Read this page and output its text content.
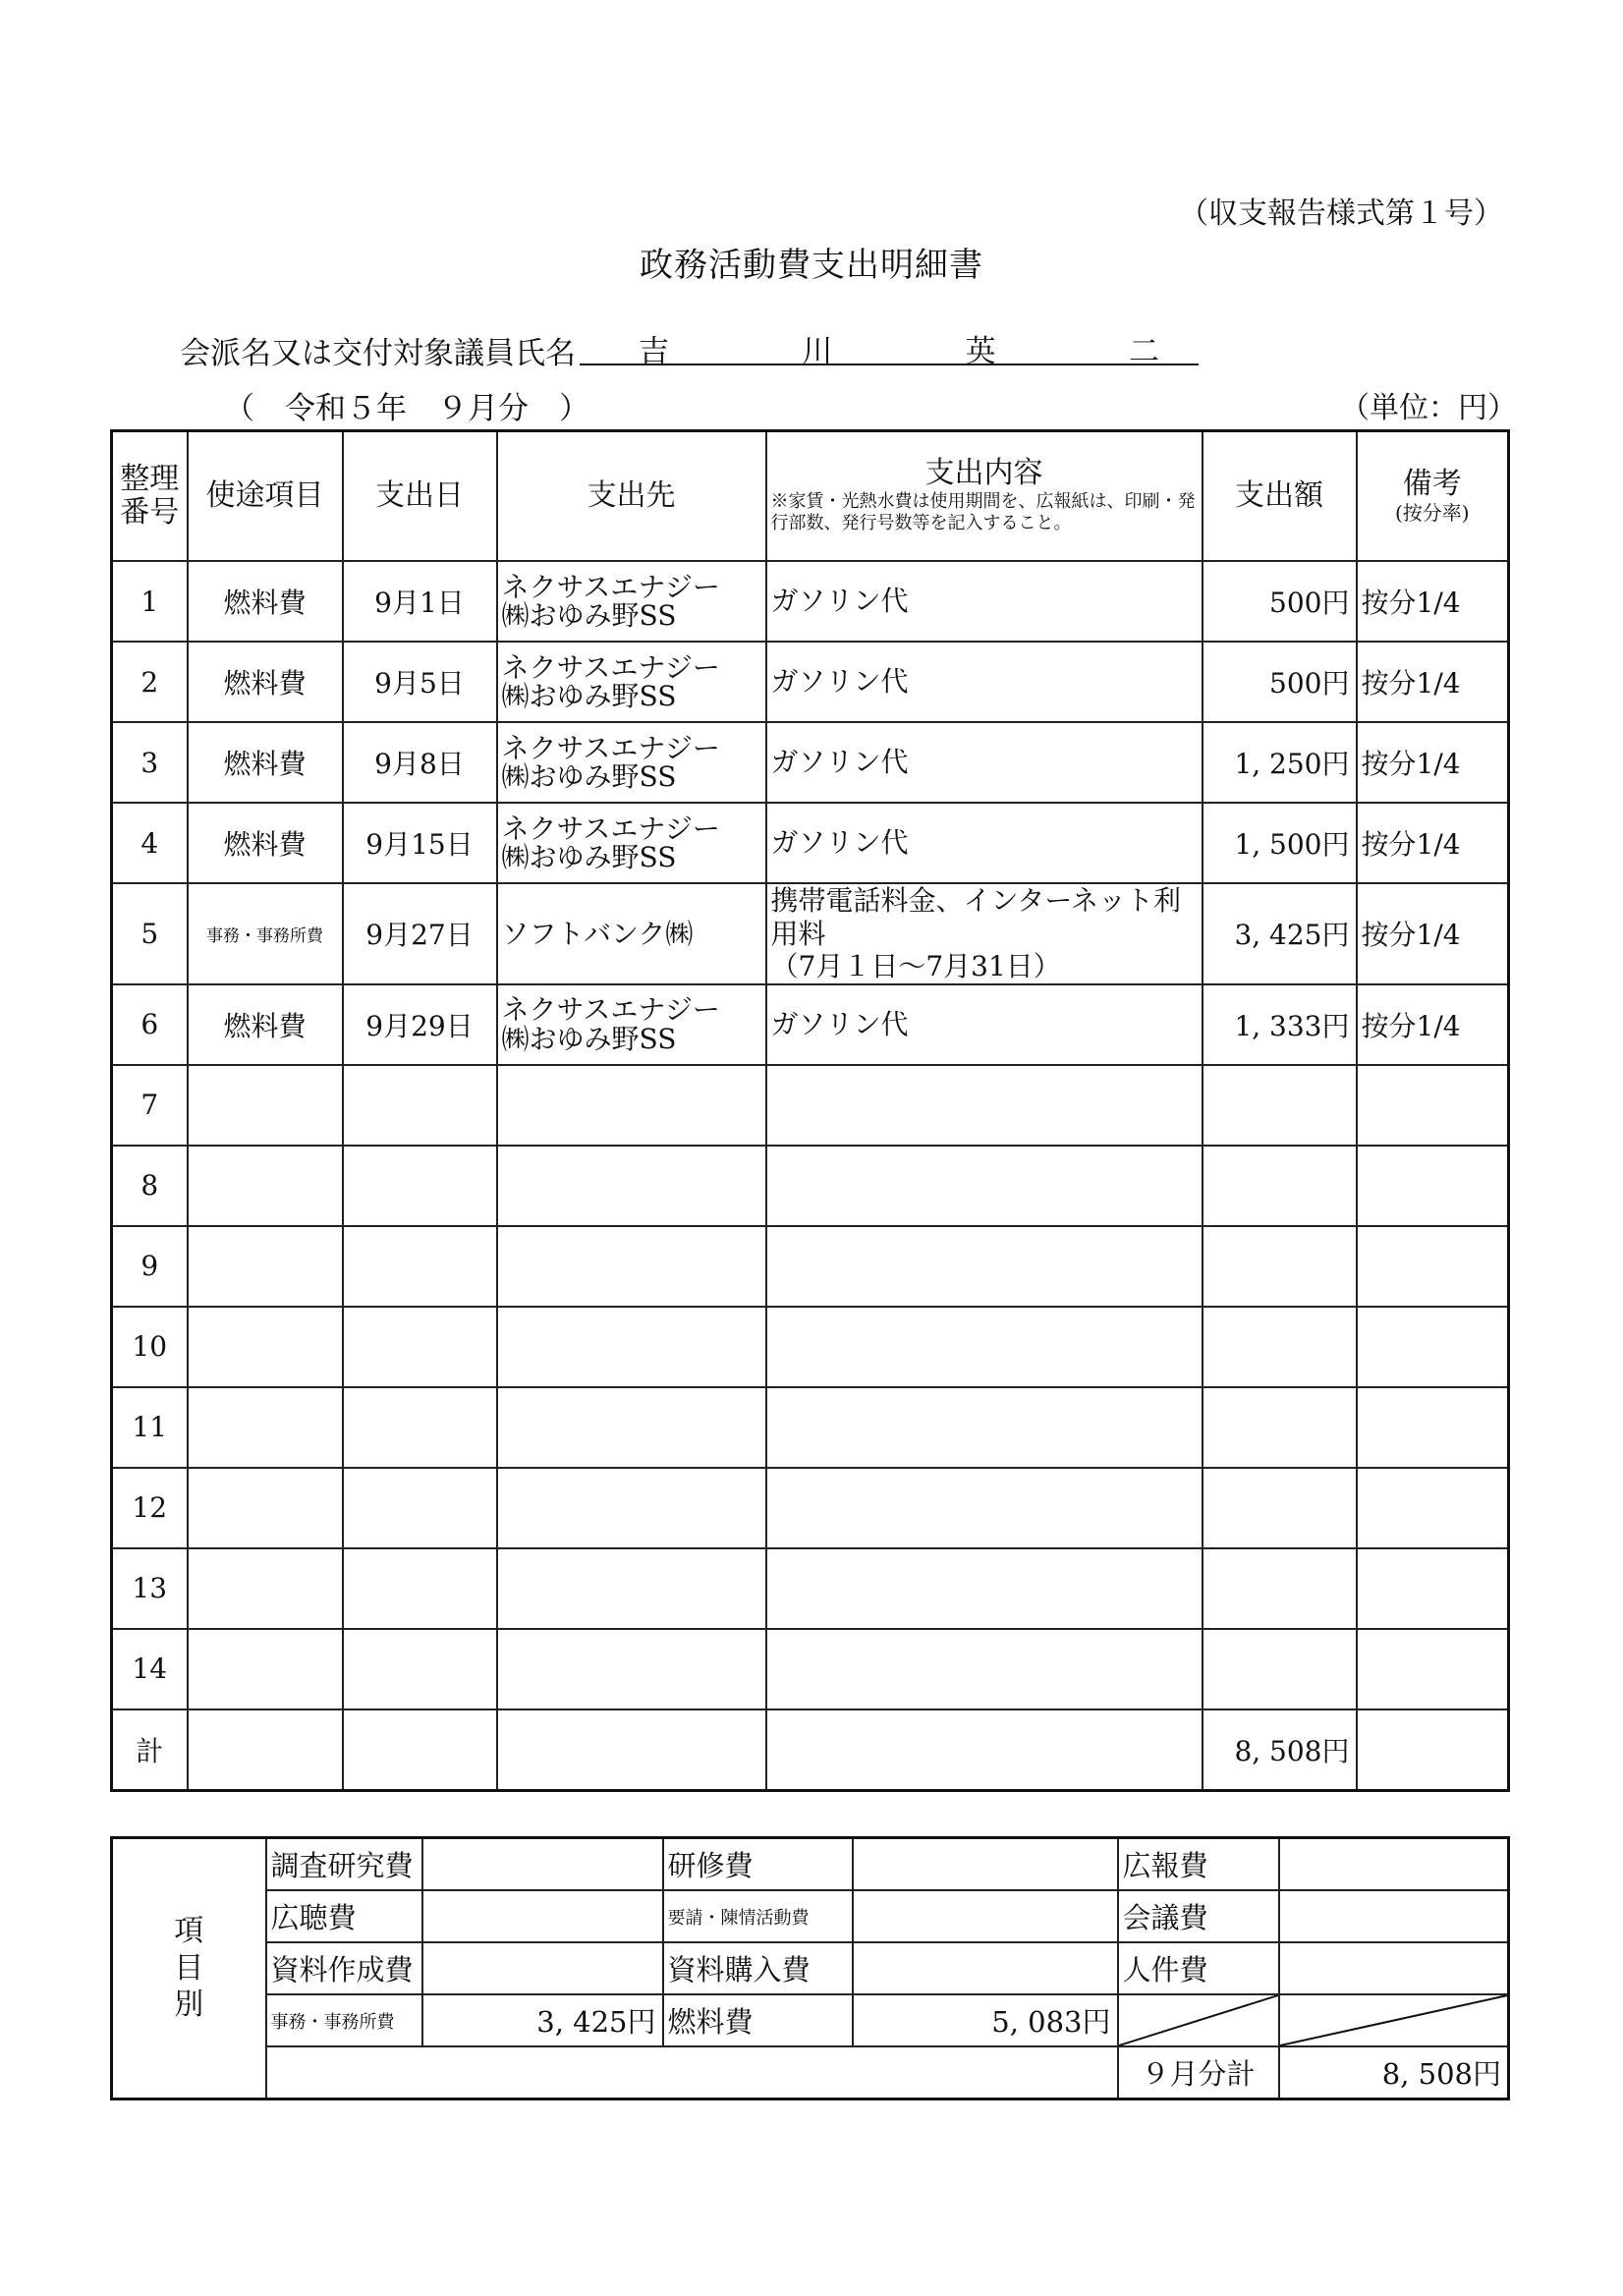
（収支報告様式第１号）
政務活動費支出明細書
会派名又は交付対象議員氏名 吉	川	英	二
（　令和５年　９月分　）	（単位：円）
整理番号	使途項目	支出日	支出先	支出内容
※家賃・光熱水費は使用期間を、広報紙は、印刷・発行部数、発行号数等を記入すること。	支出額	備考
(按分率)

1	燃料費	9月1日	ネクサスエナジー
㈱おゆみ野SS	ガソリン代	500円	按分1/4
2	燃料費	9月5日	ネクサスエナジー
㈱おゆみ野SS	ガソリン代	500円	按分1/4
3	燃料費	9月8日	ネクサスエナジー
㈱おゆみ野SS	ガソリン代	1, 250円	按分1/4
4	燃料費	9月15日	ネクサスエナジー
㈱おゆみ野SS	ガソリン代	1, 500円	按分1/4
5	事務・事務所費	9月27日	ソフトバンク㈱	携帯電話料金、インターネット利用料
（7月１日～7月31日）	3, 425円	按分1/4
6	燃料費	9月29日	ネクサスエナジー
㈱おゆみ野SS	ガソリン代	1, 333円	按分1/4
7			

8			

9			

10			

11			

12			

13			

14			

計					8, 508円	
項
目
別	調査研究費		研修費		広報費	
	広聴費		要請・陳情活動費		会議費	
	資料作成費		資料購入費		人件費	
	事務・事務所費	3, 425円	燃料費	5, 083円	

					９月分計	8, 508円
